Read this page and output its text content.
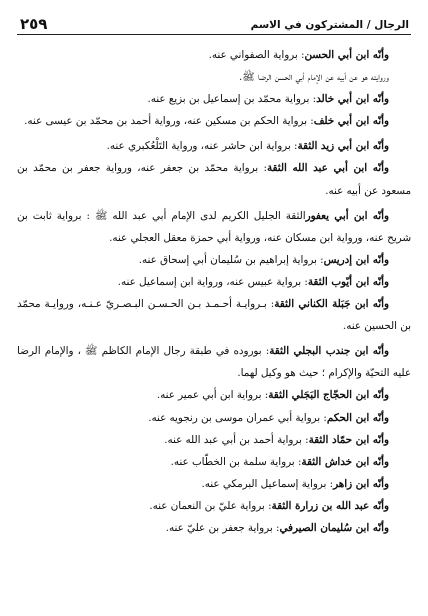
٢٥٩	الرجال / المشتركون في الاسم

وأنّه ابن أبي الحسن: برواية الصفواني عنه.

وروايته هو عن أبيه عن الإمام أبي الحسن الرضا ﷺ.

وأنّه ابن أبي خالد: برواية محمّد بن إسماعيل بن بزيع عنه.

وأنّه ابن أبي خلف: برواية الحكم بن مسكين عنه، ورواية أحمد بن محمّد بن عيسى عنه.

وأنّه ابن أبي زيد الثقة: برواية ابن حاشر عنه، ورواية التَلْعُكبري عنه.

وأنّه ابن أبي عبد الله الثقة: برواية محمّد بن جعفر عنه، ورواية جعفر بن محمّد بن مسعود عن أبيه عنه.

وأنّه ابن أبي يعفورالثقة الجليل الكريم لدى الإمام أبي عبد الله ﷺ : برواية ثابت بن شريح عنه، ورواية ابن مسكان عنه، ورواية أبي حمزة معقل العجلي عنه.

وأنّه ابن إدريس: برواية إبراهيم بن سُليمان أبي إسحاق عنه.

وأنّه ابن أيّوب الثقة: برواية عبيس عنه، ورواية ابن إسماعيل عنه.

وأنّه ابن جَبَلة الكناني الثقة: بـروايـة أحـمـد بـن الحـسـن البـصـريّ عـنـه، وروايـة محمّد بن الحسين عنه.

وأنّه ابن جندب البجلي الثقة: بوروده في طبقة رجال الإمام الكاظم ﷺ ، والإمام الرضا عليه التحيّة والإكرام ؛ حيث هو وكيل لهما.

وأنّه ابن الحجّاج البَجَلي الثقة: برواية ابن أبي عمير عنه.

وأنّه ابن الحكم: برواية أبي عمران موسى بن رنجويه عنه.

وأنّه ابن حمّاد الثقة: برواية أحمد بن أبي عبد الله عنه.

وأنّه ابن خداش الثقة: برواية سلمة بن الخطّاب عنه.

وأنّه ابن زاهر: برواية إسماعيل البرمكي عنه.

وأنّه عبد الله بن زرارة الثقة: برواية عليّ بن النعمان عنه.

وأنّه ابن سُليمان الصيرفي: برواية جعفر بن عليّ عنه.
